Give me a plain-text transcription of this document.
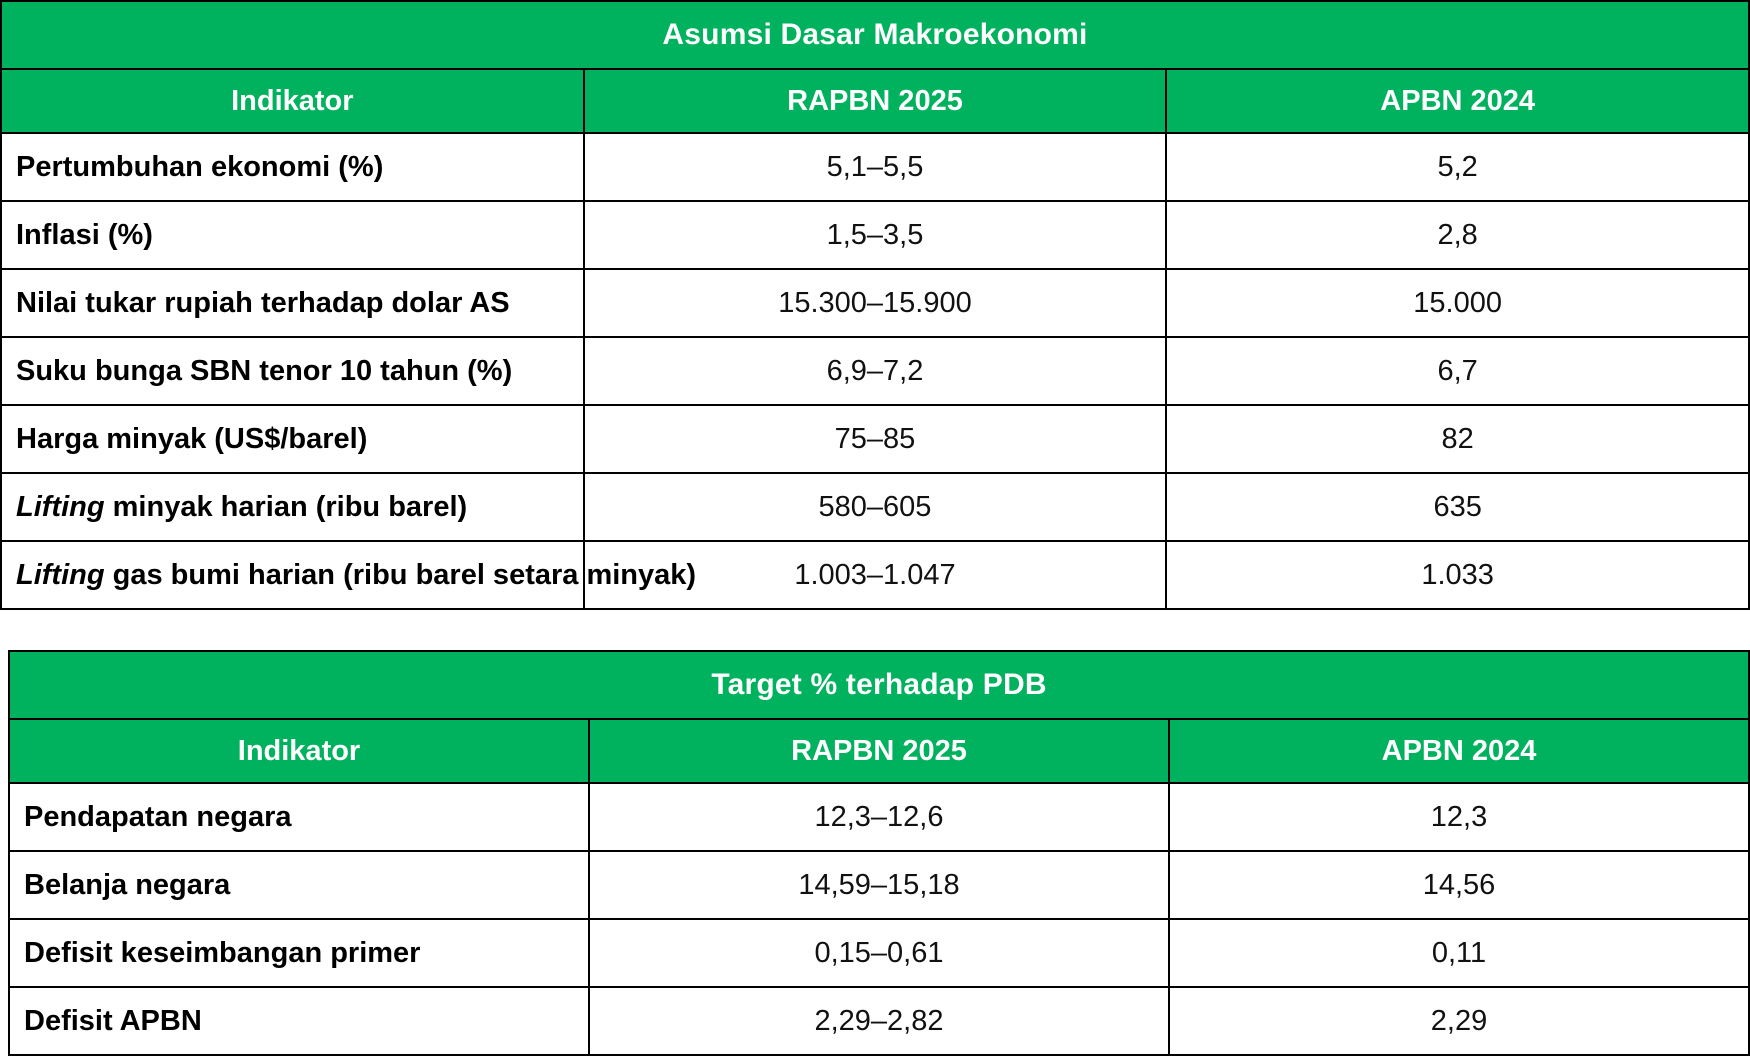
Asumsi Dasar Makroekonomi		
Indikator	RAPBN 2025	APBN 2024
Pertumbuhan ekonomi (%)	5,1–5,5	5,2
Inflasi (%)	1,5–3,5	2,8
Nilai tukar rupiah terhadap dolar AS	15.300–15.900	15.000
Suku bunga SBN tenor 10 tahun (%)	6,9–7,2	6,7
Harga minyak (US$/barel)	75–85	82
Lifting minyak harian (ribu barel)	580–605	635
Lifting gas bumi harian (ribu barel setara minyak)	1.003–1.047	1.033
Target % terhadap PDB		
Indikator	RAPBN 2025	APBN 2024
Pendapatan negara	12,3–12,6	12,3
Belanja negara	14,59–15,18	14,56
Defisit keseimbangan primer	0,15–0,61	0,11
Defisit APBN	2,29–2,82	2,29
